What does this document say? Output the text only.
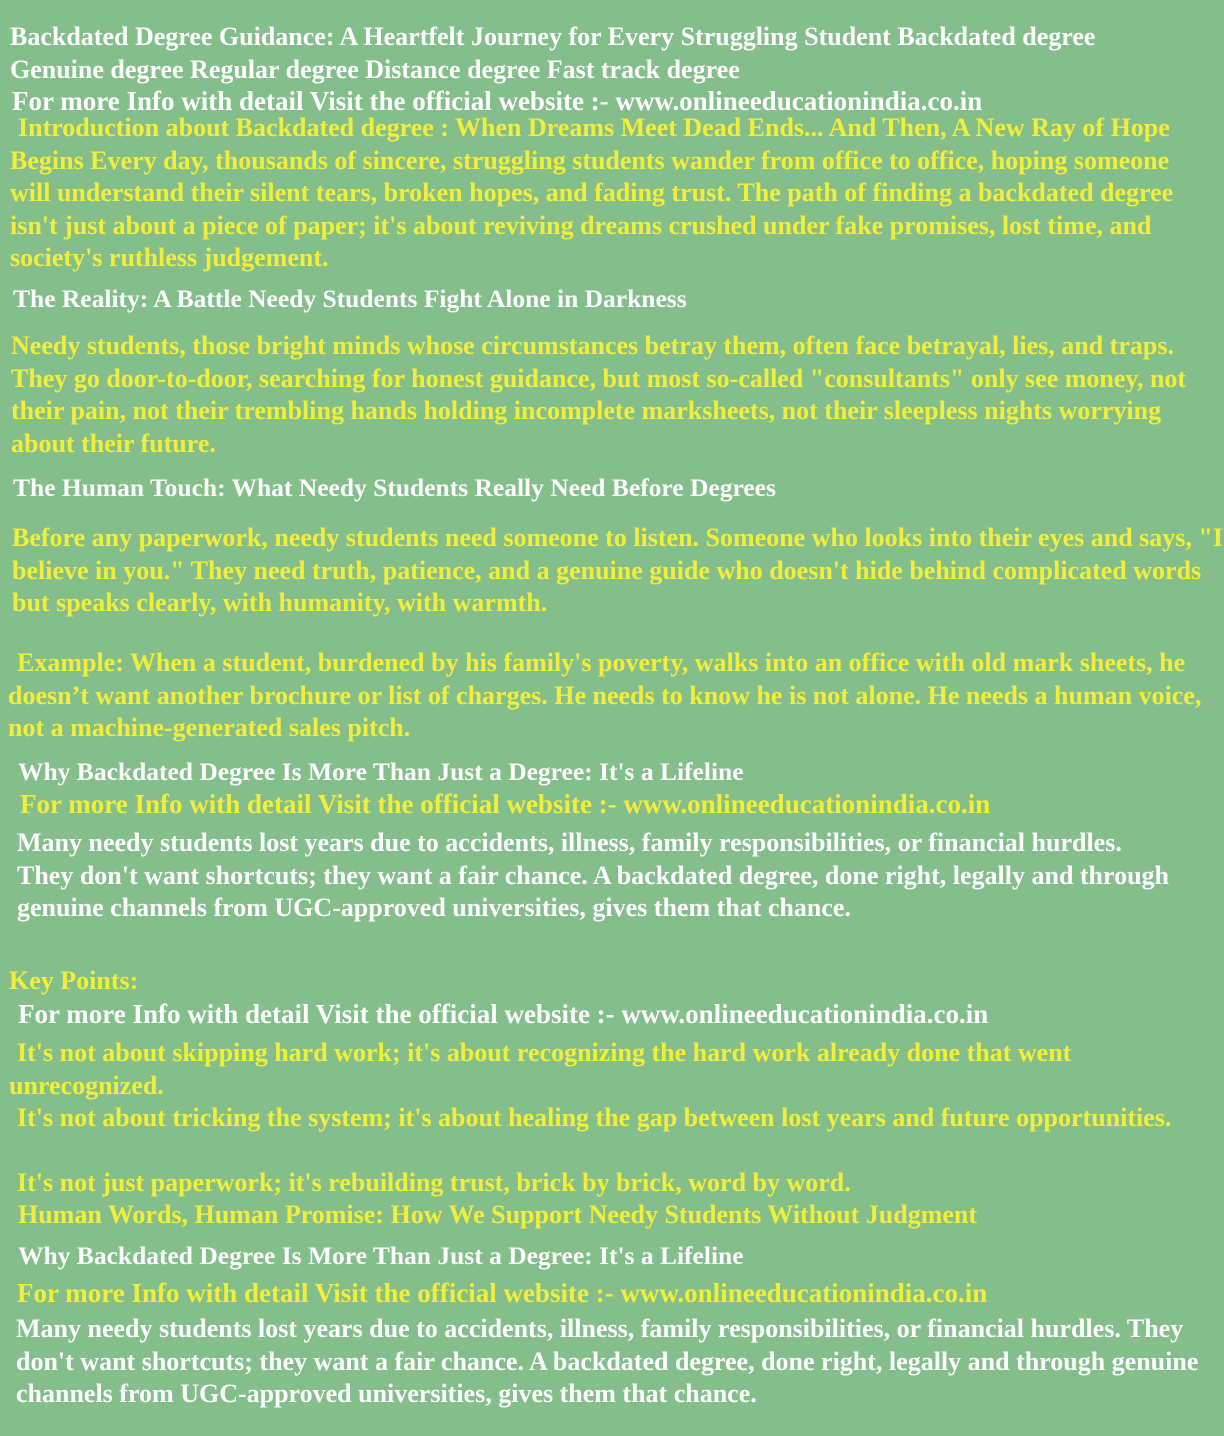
Backdated Degree Guidance: A Heartfelt Journey for Every Struggling Student Backdated degree Genuine degree Regular degree Distance degree Fast track degree
For more Info with detail Visit the official website :- www.onlineeducationindia.co.in
Introduction about Backdated degree : When Dreams Meet Dead Ends... And Then, A New Ray of Hope Begins Every day, thousands of sincere, struggling students wander from office to office, hoping someone will understand their silent tears, broken hopes, and fading trust. The path of finding a backdated degree isn't just about a piece of paper; it's about reviving dreams crushed under fake promises, lost time, and society's ruthless judgement.
The Reality: A Battle Needy Students Fight Alone in Darkness
Needy students, those bright minds whose circumstances betray them, often face betrayal, lies, and traps. They go door-to-door, searching for honest guidance, but most so-called "consultants" only see money, not their pain, not their trembling hands holding incomplete marksheets, not their sleepless nights worrying about their future.
The Human Touch: What Needy Students Really Need Before Degrees
Before any paperwork, needy students need someone to listen. Someone who looks into their eyes and says, "I believe in you." They need truth, patience, and a genuine guide who doesn't hide behind complicated words but speaks clearly, with humanity, with warmth.
Example: When a student, burdened by his family's poverty, walks into an office with old mark sheets, he doesn’t want another brochure or list of charges. He needs to know he is not alone. He needs a human voice, not a machine-generated sales pitch.
Why Backdated Degree Is More Than Just a Degree: It's a Lifeline
For more Info with detail Visit the official website :- www.onlineeducationindia.co.in
Many needy students lost years due to accidents, illness, family responsibilities, or financial hurdles. They don't want shortcuts; they want a fair chance. A backdated degree, done right, legally and through genuine channels from UGC-approved universities, gives them that chance.
Key Points:
For more Info with detail Visit the official website :- www.onlineeducationindia.co.in
It's not about skipping hard work; it's about recognizing the hard work already done that went unrecognized.
It's not about tricking the system; it's about healing the gap between lost years and future opportunities.
It's not just paperwork; it's rebuilding trust, brick by brick, word by word.
Human Words, Human Promise: How We Support Needy Students Without Judgment
Why Backdated Degree Is More Than Just a Degree: It's a Lifeline
For more Info with detail Visit the official website :- www.onlineeducationindia.co.in
Many needy students lost years due to accidents, illness, family responsibilities, or financial hurdles. They don't want shortcuts; they want a fair chance. A backdated degree, done right, legally and through genuine channels from UGC-approved universities, gives them that chance.
